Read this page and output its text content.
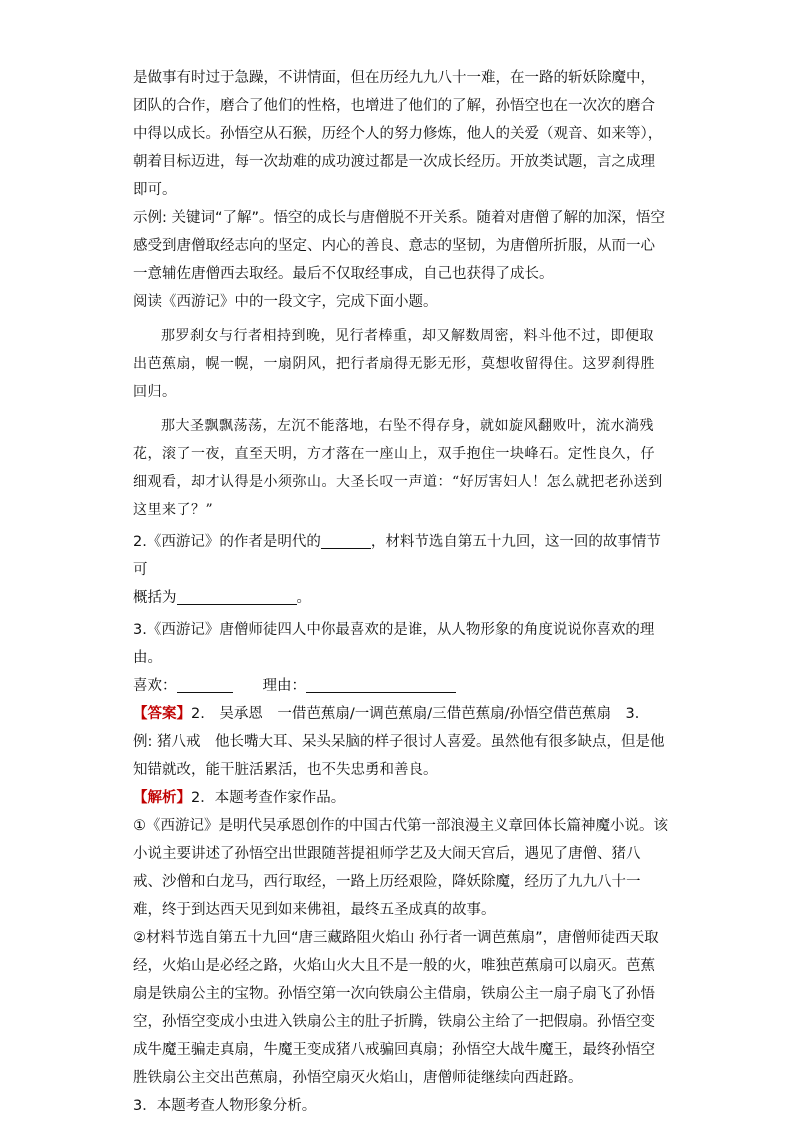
是做事有时过于急躁，不讲情面，但在历经九九八十一难，在一路的斩妖除魔中，团队的合作，磨合了他们的性格，也增进了他们的了解，孙悟空也在一次次的磨合中得以成长。孙悟空从石猴，历经个人的努力修炼，他人的关爱（观音、如来等），朝着目标迈进，每一次劫难的成功渡过都是一次成长经历。开放类试题，言之成理即可。

示例: 关键词“了解”。悟空的成长与唐僧脱不开关系。随着对唐僧了解的加深，悟空感受到唐僧取经志向的坚定、内心的善良、意志的坚韧，为唐僧所折服，从而一心一意辅佐唐僧西去取经。最后不仅取经事成，自己也获得了成长。

阅读《西游记》中的一段文字，完成下面小题。

那罗刹女与行者相持到晚，见行者棒重，却又解数周密，料斗他不过，即便取出芭蕉扇，幌一幌，一扇阴风，把行者扇得无影无形，莫想收留得住。这罗刹得胜回归。

那大圣飘飘荡荡，左沉不能落地，右坠不得存身，就如旋风翻败叶，流水淌残花，滚了一夜，直至天明，方才落在一座山上，双手抱住一块峰石。定性良久，仔细观看，却才认得是小须弥山。大圣长叹一声道：“好厉害妇人！怎么就把老孙送到这里来了？”

2.《西游记》的作者是明代的	，材料节选自第五十九回，这一回的故事情节可
概括为	。

3.《西游记》唐僧师徒四人中你最喜欢的是谁，从人物形象的角度说说你喜欢的理由。

喜欢：	理由：

【答案】2.　吴承恩　一借芭蕉扇/一调芭蕉扇/三借芭蕉扇/孙悟空借芭蕉扇　3．例: 猪八戒　他长嘴大耳、呆头呆脑的样子很讨人喜爱。虽然他有很多缺点，但是他知错就改，能干脏活累活，也不失忠勇和善良。

【解析】2．本题考查作家作品。

①《西游记》是明代吴承恩创作的中国古代第一部浪漫主义章回体长篇神魔小说。该小说主要讲述了孙悟空出世跟随菩提祖师学艺及大闹天宫后，遇见了唐僧、猪八戒、沙僧和白龙马，西行取经，一路上历经艰险，降妖除魔，经历了九九八十一难，终于到达西天见到如来佛祖，最终五圣成真的故事。

②材料节选自第五十九回“唐三藏路阻火焰山 孙行者一调芭蕉扇”，唐僧师徒西天取经，火焰山是必经之路，火焰山火大且不是一般的火，唯独芭蕉扇可以扇灭。芭蕉扇是铁扇公主的宝物。孙悟空第一次向铁扇公主借扇，铁扇公主一扇子扇飞了孙悟空，孙悟空变成小虫进入铁扇公主的肚子折腾，铁扇公主给了一把假扇。孙悟空变成牛魔王骗走真扇，牛魔王变成猪八戒骗回真扇；孙悟空大战牛魔王，最终孙悟空胜铁扇公主交出芭蕉扇，孙悟空扇灭火焰山，唐僧师徒继续向西赶路。

3．本题考查人物形象分析。
